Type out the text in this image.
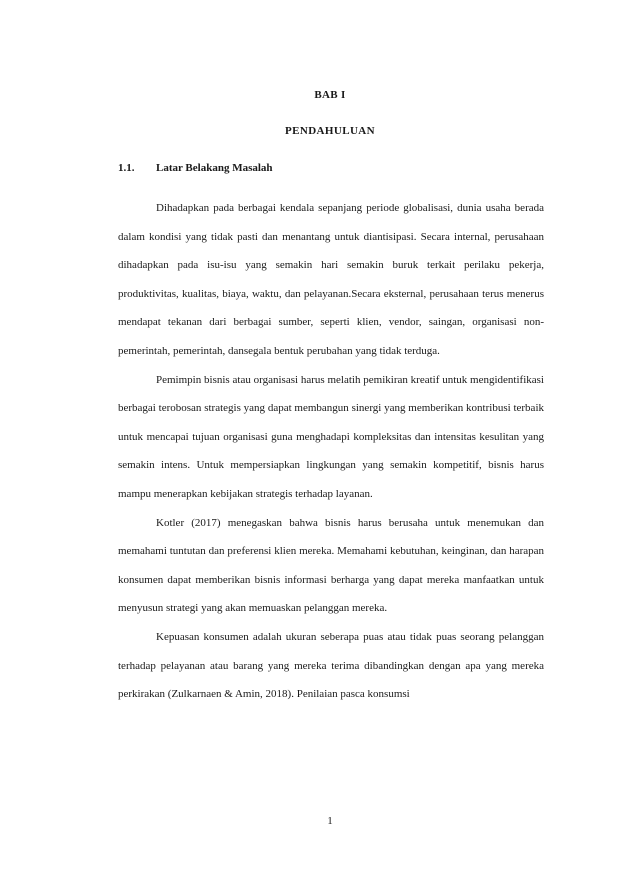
BAB I
PENDAHULUAN
1.1. Latar Belakang Masalah

Dihadapkan pada berbagai kendala sepanjang periode globalisasi, dunia usaha berada dalam kondisi yang tidak pasti dan menantang untuk diantisipasi. Secara internal, perusahaan dihadapkan pada isu-isu yang semakin hari semakin buruk terkait perilaku pekerja, produktivitas, kualitas, biaya, waktu, dan pelayanan.Secara eksternal, perusahaan terus menerus mendapat tekanan dari berbagai sumber, seperti klien, vendor, saingan, organisasi non-pemerintah, pemerintah, dansegala bentuk perubahan yang tidak terduga.

Pemimpin bisnis atau organisasi harus melatih pemikiran kreatif untuk mengidentifikasi berbagai terobosan strategis yang dapat membangun sinergi yang memberikan kontribusi terbaik untuk mencapai tujuan organisasi guna menghadapi kompleksitas dan intensitas kesulitan yang semakin intens. Untuk mempersiapkan lingkungan yang semakin kompetitif, bisnis harus mampu menerapkan kebijakan strategis terhadap layanan.

Kotler (2017) menegaskan bahwa bisnis harus berusaha untuk menemukan dan memahami tuntutan dan preferensi klien mereka. Memahami kebutuhan, keinginan, dan harapan konsumen dapat memberikan bisnis informasi berharga yang dapat mereka manfaatkan untuk menyusun strategi yang akan memuaskan pelanggan mereka.

Kepuasan konsumen adalah ukuran seberapa puas atau tidak puas seorang pelanggan terhadap pelayanan atau barang yang mereka terima dibandingkan dengan apa yang mereka perkirakan (Zulkarnaen & Amin, 2018). Penilaian pasca konsumsi

1
